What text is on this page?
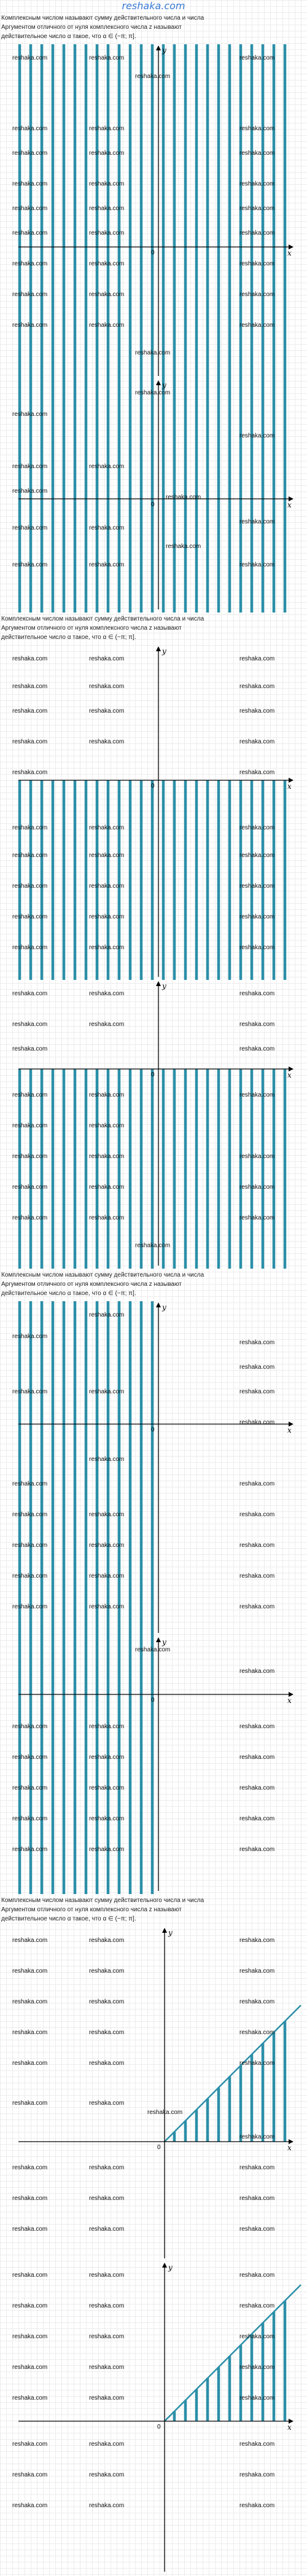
reshaka.com

Комплексным числом называют сумму действительного числа и числа

Аргументом отличного от нуля комплексного числа z называют

действительное число α такое, что α ∈ (−π; π].

x
y
0
reshaka.com	reshaka.com	reshaka.com
reshaka.com
reshaka.com	reshaka.com	reshaka.com
reshaka.com	reshaka.com	reshaka.com
reshaka.com
reshaka.com	reshaka.com
reshaka.com	reshaka.com	reshaka.com
reshaka.com	reshaka.com	reshaka.com
reshaka.com	reshaka.com	reshaka.com
reshaka.com	reshaka.com	reshaka.com
reshaka.com	reshaka.com	reshaka.com
reshaka.com
x
y
0
reshaka.com
reshaka.com
reshaka.com
reshaka.com	reshaka.com
reshaka.com
reshaka.com
reshaka.com
reshaka.com	reshaka.com
reshaka.com
reshaka.com	reshaka.com	reshaka.com

Комплексным числом называют сумму действительного числа и числа

Аргументом отличного от нуля комплексного числа z называют

действительное число α такое, что α ∈ (−π; π].

x
y
0
reshaka.com	reshaka.com	reshaka.com
reshaka.com	reshaka.com	reshaka.com
reshaka.com	reshaka.com	reshaka.com
reshaka.com	reshaka.com	reshaka.com
reshaka.com	reshaka.com
reshaka.com	reshaka.com	reshaka.com
reshaka.com	reshaka.com	reshaka.com
reshaka.com	reshaka.com	reshaka.com
reshaka.com	reshaka.com	reshaka.com
reshaka.com	reshaka.com	reshaka.com
x
y
0
reshaka.com	reshaka.com	reshaka.com
reshaka.com	reshaka.com	reshaka.com
reshaka.com	reshaka.com
reshaka.com	reshaka.com	reshaka.com
reshaka.com	reshaka.com
reshaka.com	reshaka.com	reshaka.com
reshaka.com	reshaka.com	reshaka.com
reshaka.com	reshaka.com	reshaka.com
reshaka.com

Комплексным числом называют сумму действительного числа и числа

Аргументом отличного от нуля комплексного числа z называют

действительное число α такое, что α ∈ (−π; π].

x
y
0
reshaka.com
reshaka.com
reshaka.com
reshaka.com
reshaka.com	reshaka.com	reshaka.com
reshaka.com
reshaka.com
reshaka.com	reshaka.com
reshaka.com	reshaka.com	reshaka.com
reshaka.com	reshaka.com	reshaka.com
reshaka.com	reshaka.com	reshaka.com
reshaka.com	reshaka.com	reshaka.com
x
y
0
reshaka.com
reshaka.com
reshaka.com	reshaka.com	reshaka.com
reshaka.com	reshaka.com	reshaka.com
reshaka.com	reshaka.com	reshaka.com
reshaka.com	reshaka.com	reshaka.com
reshaka.com	reshaka.com	reshaka.com

Комплексным числом называют сумму действительного числа и числа

Аргументом отличного от нуля комплексного числа z называют

действительное число α такое, что α ∈ (−π; π].

x
y
0
reshaka.com	reshaka.com	reshaka.com
reshaka.com	reshaka.com	reshaka.com
reshaka.com	reshaka.com	reshaka.com
reshaka.com	reshaka.com	reshaka.com
reshaka.com	reshaka.com	reshaka.com
reshaka.com	reshaka.com
reshaka.com
reshaka.com
reshaka.com	reshaka.com	reshaka.com
reshaka.com	reshaka.com	reshaka.com
reshaka.com	reshaka.com	reshaka.com
x
y
0
reshaka.com	reshaka.com	reshaka.com
reshaka.com	reshaka.com	reshaka.com
reshaka.com	reshaka.com	reshaka.com
reshaka.com	reshaka.com	reshaka.com
reshaka.com	reshaka.com	reshaka.com
reshaka.com	reshaka.com	reshaka.com
reshaka.com	reshaka.com	reshaka.com
reshaka.com	reshaka.com	reshaka.com
